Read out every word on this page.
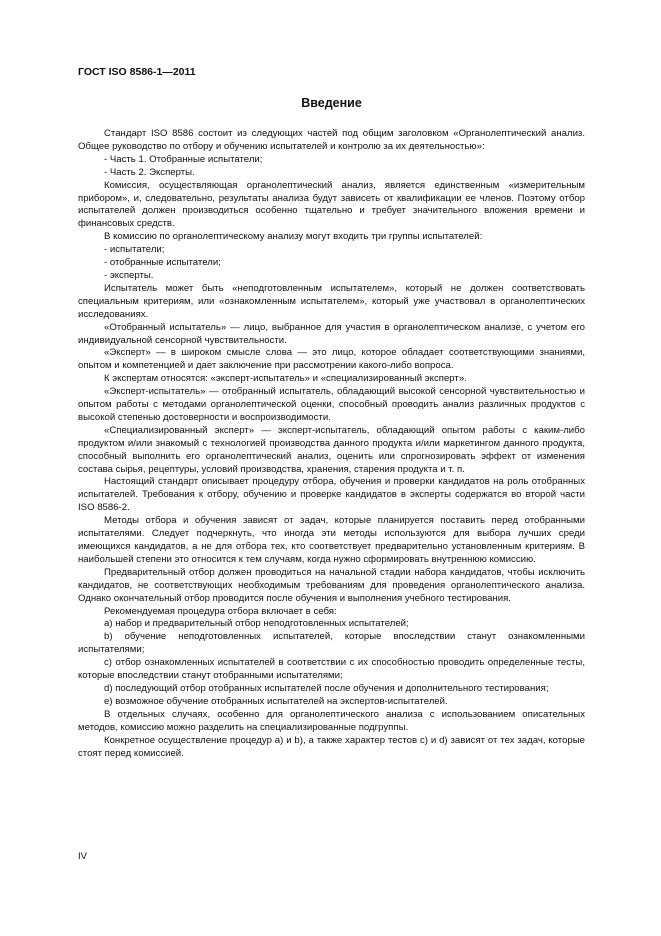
ГОСТ ISO 8586-1—2011
Введение

Стандарт ISO 8586 состоит из следующих частей под общим заголовком «Органолептический анализ. Общее руководство по отбору и обучению испытателей и контролю за их деятельностью»:

- Часть 1. Отобранные испытатели;

- Часть 2. Эксперты.

Комиссия, осуществляющая органолептический анализ, является единственным «измерительным прибором», и, следовательно, результаты анализа будут зависеть от квалификации ее членов. Поэтому отбор испытателей должен производиться особенно тщательно и требует значительного вложения времени и финансовых средств.

В комиссию по органолептическому анализу могут входить три группы испытателей:

- испытатели;

- отобранные испытатели;

- эксперты.

Испытатель может быть «неподготовленным испытателем», который не должен соответствовать специальным критериям, или «ознакомленным испытателем», который уже участвовал в органолептических исследованиях.

«Отобранный испытатель» — лицо, выбранное для участия в органолептическом анализе, с учетом его индивидуальной сенсорной чувствительности.

«Эксперт» — в широком смысле слова — это лицо, которое обладает соответствующими знаниями, опытом и компетенцией и дает заключение при рассмотрении какого-либо вопроса.

К экспертам относятся: «эксперт-испытатель» и «специализированный эксперт».

«Эксперт-испытатель» — отобранный испытатель, обладающий высокой сенсорной чувствительностью и опытом работы с методами органолептической оценки, способный проводить анализ различных продуктов с высокой степенью достоверности и воспроизводимости.

«Специализированный эксперт» — эксперт-испытатель, обладающий опытом работы с каким-либо продуктом и/или знакомый с технологией производства данного продукта и/или маркетингом данного продукта, способный выполнить его органолептический анализ, оценить или спрогнозировать эффект от изменения состава сырья, рецептуры, условий производства, хранения, старения продукта и т. п.

Настоящий стандарт описывает процедуру отбора, обучения и проверки кандидатов на роль отобранных испытателей. Требования к отбору, обучению и проверке кандидатов в эксперты содержатся во второй части ISO 8586-2.

Методы отбора и обучения зависят от задач, которые планируется поставить перед отобранными испытателями. Следует подчеркнуть, что иногда эти методы используются для выбора лучших среди имеющихся кандидатов, а не для отбора тех, кто соответствует предварительно установленным критериям. В наибольшей степени это относится к тем случаям, когда нужно сформировать внутреннюю комиссию.

Предварительный отбор должен проводиться на начальной стадии набора кандидатов, чтобы исключить кандидатов, не соответствующих необходимым требованиям для проведения органолептического анализа. Однако окончательный отбор проводится после обучения и выполнения учебного тестирования.

Рекомендуемая процедура отбора включает в себя:

а) набор и предварительный отбор неподготовленных испытателей;

b) обучение неподготовленных испытателей, которые впоследствии станут ознакомленными испытателями;

c) отбор ознакомленных испытателей в соответствии с их способностью проводить определенные тесты, которые впоследствии станут отобранными испытателями;

d) последующий отбор отобранных испытателей после обучения и дополнительного тестирования;

e) возможное обучение отобранных испытателей на экспертов-испытателей.

В отдельных случаях, особенно для органолептического анализа с использованием описательных методов, комиссию можно разделить на специализированные подгруппы.

Конкретное осуществление процедур а) и b), а также характер тестов c) и d) зависят от тех задач, которые стоят перед комиссией.

IV
